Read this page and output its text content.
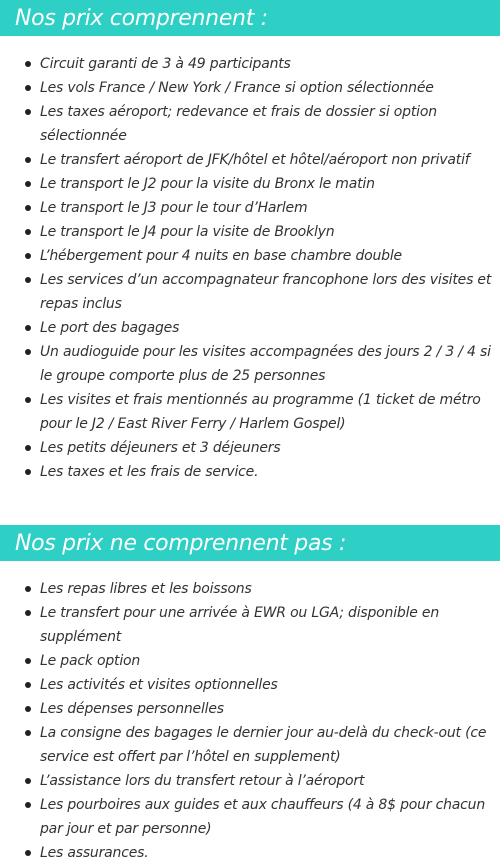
Nos prix comprennent :
Circuit garanti de 3 à 49 participants
Les vols France / New York / France si option sélectionnée
Les taxes aéroport; redevance et frais de dossier si option sélectionnée
Le transfert aéroport de JFK/hôtel et hôtel/aéroport non privatif
Le transport le J2 pour la visite du Bronx le matin
Le transport le J3 pour le tour d’Harlem
Le transport le J4 pour la visite de Brooklyn
L’hébergement pour 4 nuits en base chambre double
Les services d’un accompagnateur francophone lors des visites et repas inclus
Le port des bagages
Un audioguide pour les visites accompagnées des jours 2 / 3 / 4 si le groupe comporte plus de 25 personnes
Les visites et frais mentionnés au programme (1 ticket de métro pour le J2 / East River Ferry / Harlem Gospel)
Les petits déjeuners et 3 déjeuners
Les taxes et les frais de service.
Nos prix ne comprennent pas :
Les repas libres et les boissons
Le transfert pour une arrivée à EWR ou LGA; disponible en supplément
Le pack option
Les activités et visites optionnelles
Les dépenses personnelles
La consigne des bagages le dernier jour au-delà du check-out (ce service est offert par l’hôtel en supplement)
L’assistance lors du transfert retour à l’aéroport
Les pourboires aux guides et aux chauffeurs (4 à 8$ pour chacun par jour et par personne)
Les assurances.
